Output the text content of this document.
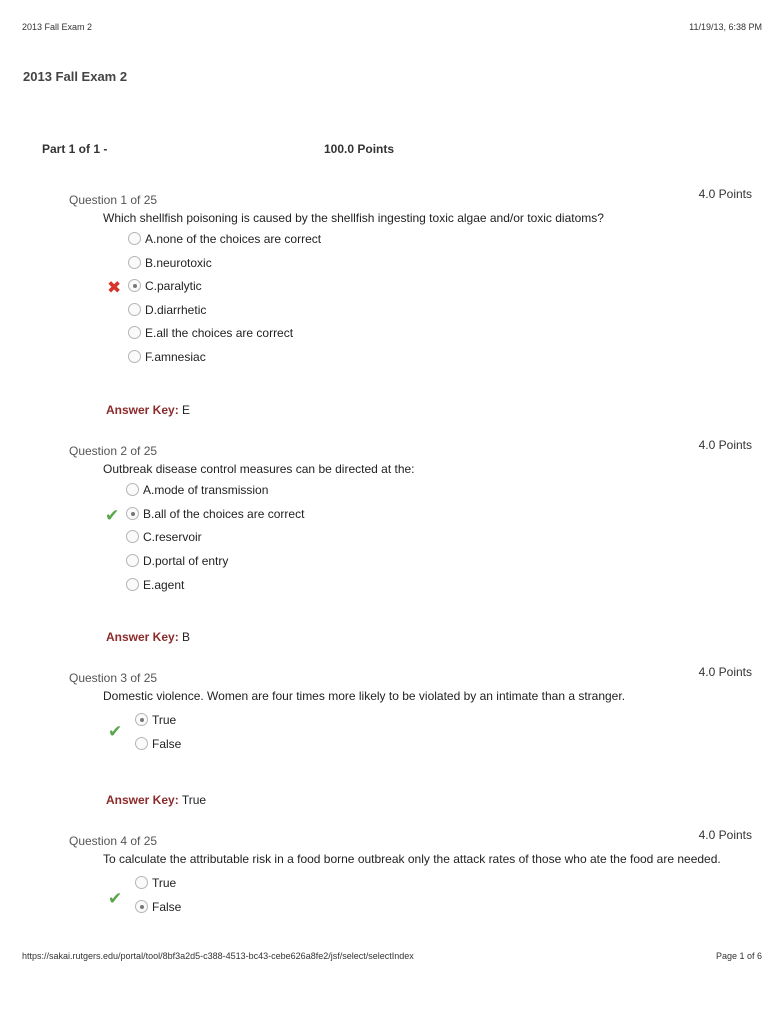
2013 Fall Exam 2	11/19/13, 6:38 PM
2013 Fall Exam 2
Part 1 of 1 -	100.0 Points
Question 1 of 25	4.0 Points
Which shellfish poisoning is caused by the shellfish ingesting toxic algae and/or toxic diatoms?
A.none of the choices are correct
B.neurotoxic
✖	C.paralytic
D.diarrhetic
E.all the choices are correct
F.amnesiac
Answer Key: E
Question 2 of 25	4.0 Points
Outbreak disease control measures can be directed at the:
A.mode of transmission
✔	B.all of the choices are correct
C.reservoir
D.portal of entry
E.agent
Answer Key: B
Question 3 of 25	4.0 Points
Domestic violence. Women are four times more likely to be violated by an intimate than a stranger.
✔
True
False
Answer Key: True
Question 4 of 25	4.0 Points
To calculate the attributable risk in a food borne outbreak only the attack rates of those who ate the food are needed.
True
✔	False
https://sakai.rutgers.edu/portal/tool/8bf3a2d5-c388-4513-bc43-cebe626a8fe2/jsf/select/selectIndex	Page 1 of 6
